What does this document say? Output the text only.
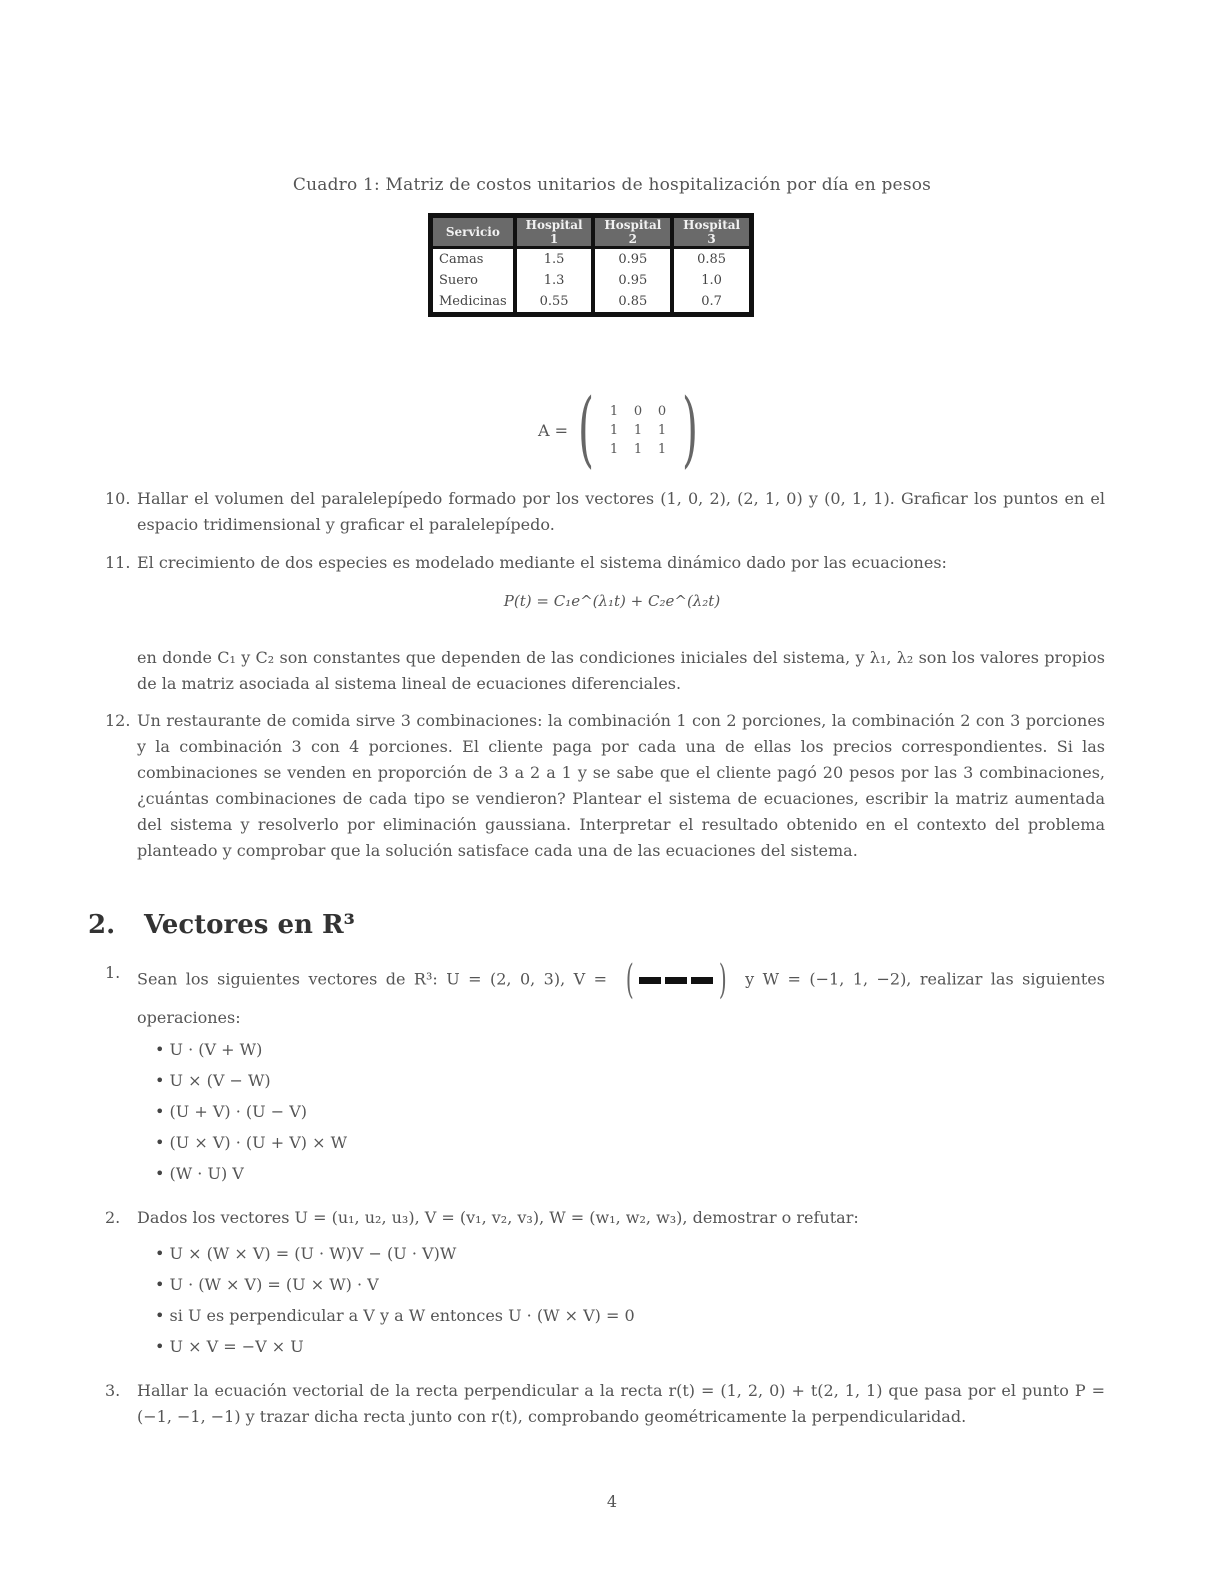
Cuadro 1: Matriz de costos unitarios de hospitalización por día en pesos
Servicio	Hospital 1	Hospital 2	Hospital 3
Camas	1.5	0.95	0.85
Suero	1.3	0.95	1.0
Medicinas	0.55	0.85	0.7
A = (	1	0	0
1	1	1
1	1	1 )
10. Hallar el volumen del paralelepípedo formado por los vectores (1, 0, 2), (2, 1, 0) y (0, 1, 1). Graficar los puntos en el espacio tridimensional y graficar el paralelepípedo.
11. El crecimiento de dos especies es modelado mediante el sistema dinámico dado por las ecuaciones:
P(t) = C₁e^(λ₁t) + C₂e^(λ₂t)
en donde C₁ y C₂ son constantes que dependen de las condiciones iniciales del sistema, y λ₁, λ₂ son los valores propios de la matriz asociada al sistema lineal de ecuaciones diferenciales.
12. Un restaurante de comida sirve 3 combinaciones: la combinación 1 con 2 porciones, la combinación 2 con 3 porciones y la combinación 3 con 4 porciones. El cliente paga por cada una de ellas los precios correspondientes. Si las combinaciones se venden en proporción de 3 a 2 a 1 y se sabe que el cliente pagó 20 pesos por las 3 combinaciones, ¿cuántas combinaciones de cada tipo se vendieron? Plantear el sistema de ecuaciones, escribir la matriz aumentada del sistema y resolverlo por eliminación gaussiana. Interpretar el resultado obtenido en el contexto del problema planteado y comprobar que la solución satisface cada una de las ecuaciones del sistema.
2. Vectores en R³
1. Sean los siguientes vectores de R³: U = (2, 0, 3), V = ( ) y W = (−1, 1, −2), realizar las siguientes operaciones:
• U · (V + W)
• U × (V − W)
• (U + V) · (U − V)
• (U × V) · (U + V) × W
• (W · U) V
2. Dados los vectores U = (u₁, u₂, u₃), V = (v₁, v₂, v₃), W = (w₁, w₂, w₃), demostrar o refutar:
• U × (W × V) = (U · W)V − (U · V)W
• U · (W × V) = (U × W) · V
• si U es perpendicular a V y a W entonces U · (W × V) = 0
• U × V = −V × U
3. Hallar la ecuación vectorial de la recta perpendicular a la recta r(t) = (1, 2, 0) + t(2, 1, 1) que pasa por el punto P = (−1, −1, −1) y trazar dicha recta junto con r(t), comprobando geométricamente la perpendicularidad.
4
